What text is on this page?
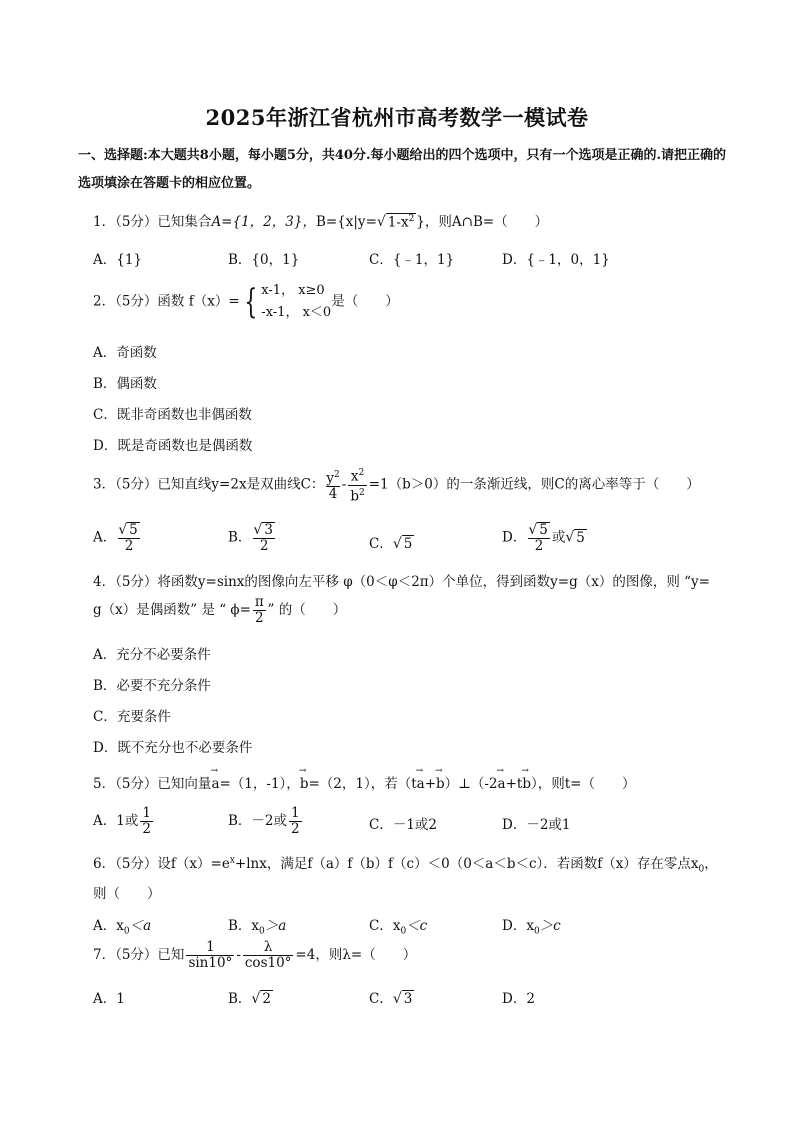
2025年浙江省杭州市高考数学一模试卷
一、选择题:本大题共8小题，每小题5分，共40分.每小题给出的四个选项中，只有一个选项是正确的.请把正确的选项填涂在答题卡的相应位置。
1．（5分）已知集合A={1，2，3}，B={x|y=√ $1-x^2$ }，则A∩B=（　　）
A．{1}	B．{0，1}	C．{﹣1，1}	D．{﹣1，0，1}
2．（5分）函数 f（x）= { x-1， x≥0
-x-1， x＜0
是（　　）
A．奇函数
B．偶函数
C．既非奇函数也非偶函数
D．既是奇函数也是偶函数
3．（5分）已知直线y=2x是双曲线C： $\frac{y^2}{4} - \frac{x^2}{b^2} =1(b>0)$的一条渐近线，则C的离心率等于（　　）
A． $\frac{√ 5}{2}$	B． $\frac{√ 3}{2}$	C．√ 5	D． $\frac{√ 5}{2}$ 或√ 5
4．（5分）将函数y=sinx的图像向左平移 φ（0＜φ＜2π）个单位，得到函数y=g（x）的图像，则 “y=
g（x）是偶函数” 是 “ $\phi= \frac{\pi}{2}$ ” 的（　　）
A．充分不必要条件
B．必要不充分条件
C．充要条件
D．既不充分也不必要条件
5．（5分）已知向量→ a=（1，-1），→ b=（2，1），若（t→ a+→ b）⊥（-2→ a+t→ b），则t=（　　）
A．1或 $\frac{1}{2}$	B．－2或 $\frac{1}{2}$	C．－1或2	D．－2或1
6．（5分）设$f(x)=e^x+\ln x$，满足f（a）f（b）f（c）＜0（0＜a＜b＜c）．若函数f（x）存在零点$x_0$，
则（　　）
A．$x_0<a$	B．$x_0>a$	C．$x_0<c$	D．$x_0>c$
7．（5分）已知 $\frac{1}{\sin 10^\circ} - \frac{\lambda}{\cos 10^\circ} =4$，则λ=（　　）
A．1	B．√ 2	C．√ 3	D．2
